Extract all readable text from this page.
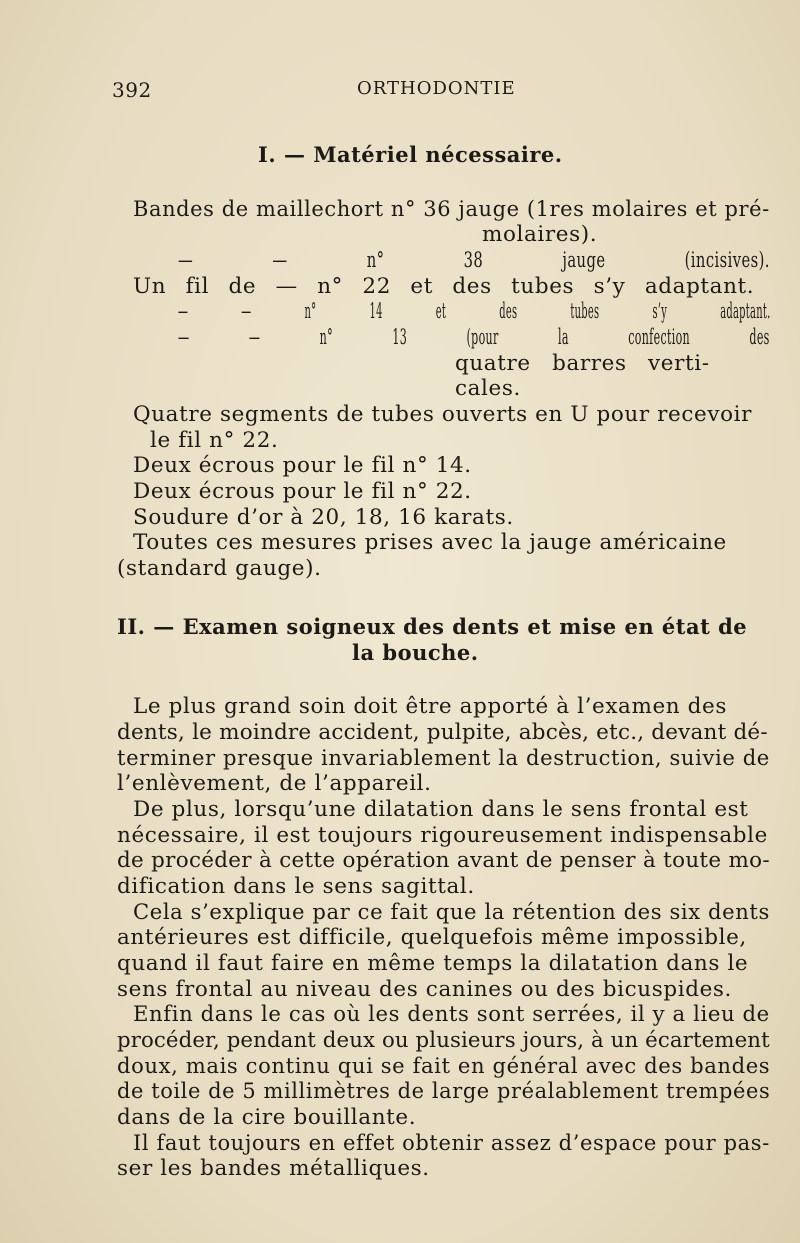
392	ORTHODONTIE
I. — Matériel nécessaire.
Bandes de maillechort n° 36 jauge (1res molaires et pré-
molaires).
— — n° 38 jauge (incisives).
Un fil de — n° 22 et des tubes s’y adaptant.
— — n° 14 et des tubes s’y adaptant.
— — n° 13 (pour la confection des
quatre barres verti-
cales.
Quatre segments de tubes ouverts en U pour recevoir
le fil n° 22.
Deux écrous pour le fil n° 14.
Deux écrous pour le fil n° 22.
Soudure d’or à 20, 18, 16 karats.
Toutes ces mesures prises avec la jauge américaine
(standard gauge).
II. — Examen soigneux des dents et mise en état de
la bouche.
Le plus grand soin doit être apporté à l’examen des
dents, le moindre accident, pulpite, abcès, etc., devant dé-
terminer presque invariablement la destruction, suivie de
l’enlèvement, de l’appareil.
De plus, lorsqu’une dilatation dans le sens frontal est
nécessaire, il est toujours rigoureusement indispensable
de procéder à cette opération avant de penser à toute mo-
dification dans le sens sagittal.
Cela s’explique par ce fait que la rétention des six dents
antérieures est difficile, quelquefois même impossible,
quand il faut faire en même temps la dilatation dans le
sens frontal au niveau des canines ou des bicuspides.
Enfin dans le cas où les dents sont serrées, il y a lieu de
procéder, pendant deux ou plusieurs jours, à un écartement
doux, mais continu qui se fait en général avec des bandes
de toile de 5 millimètres de large préalablement trempées
dans de la cire bouillante.
Il faut toujours en effet obtenir assez d’espace pour pas-
ser les bandes métalliques.
